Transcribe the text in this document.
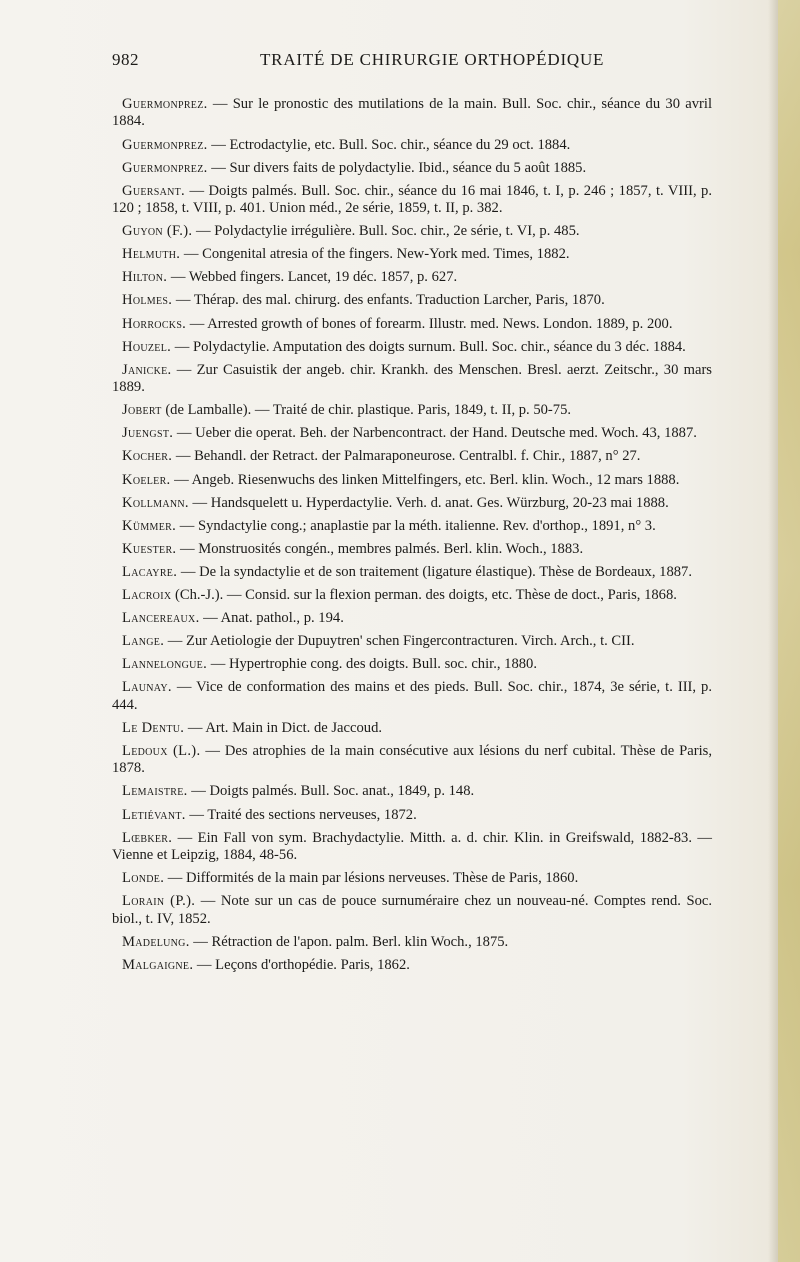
982	TRAITÉ DE CHIRURGIE ORTHOPÉDIQUE

Guermonprez. — Sur le pronostic des mutilations de la main. Bull. Soc. chir., séance du 30 avril 1884.

Guermonprez. — Ectrodactylie, etc. Bull. Soc. chir., séance du 29 oct. 1884.

Guermonprez. — Sur divers faits de polydactylie. Ibid., séance du 5 août 1885.

Guersant. — Doigts palmés. Bull. Soc. chir., séance du 16 mai 1846, t. I, p. 246 ; 1857, t. VIII, p. 120 ; 1858, t. VIII, p. 401. Union méd., 2e série, 1859, t. II, p. 382.

Guyon (F.). — Polydactylie irrégulière. Bull. Soc. chir., 2e série, t. VI, p. 485.

Helmuth. — Congenital atresia of the fingers. New-York med. Times, 1882.

Hilton. — Webbed fingers. Lancet, 19 déc. 1857, p. 627.

Holmes. — Thérap. des mal. chirurg. des enfants. Traduction Larcher, Paris, 1870.

Horrocks. — Arrested growth of bones of forearm. Illustr. med. News. London. 1889, p. 200.

Houzel. — Polydactylie. Amputation des doigts surnum. Bull. Soc. chir., séance du 3 déc. 1884.

Janicke. — Zur Casuistik der angeb. chir. Krankh. des Menschen. Bresl. aerzt. Zeitschr., 30 mars 1889.

Jobert (de Lamballe). — Traité de chir. plastique. Paris, 1849, t. II, p. 50-75.

Juengst. — Ueber die operat. Beh. der Narbencontract. der Hand. Deutsche med. Woch. 43, 1887.

Kocher. — Behandl. der Retract. der Palmaraponeurose. Centralbl. f. Chir., 1887, n° 27.

Koeler. — Angeb. Riesenwuchs des linken Mittelfingers, etc. Berl. klin. Woch., 12 mars 1888.

Kollmann. — Handsquelett u. Hyperdactylie. Verh. d. anat. Ges. Würzburg, 20-23 mai 1888.

Kümmer. — Syndactylie cong.; anaplastie par la méth. italienne. Rev. d'orthop., 1891, n° 3.

Kuester. — Monstruosités congén., membres palmés. Berl. klin. Woch., 1883.

Lacayre. — De la syndactylie et de son traitement (ligature élastique). Thèse de Bordeaux, 1887.

Lacroix (Ch.-J.). — Consid. sur la flexion perman. des doigts, etc. Thèse de doct., Paris, 1868.

Lancereaux. — Anat. pathol., p. 194.

Lange. — Zur Aetiologie der Dupuytren' schen Fingercontracturen. Virch. Arch., t. CII.

Lannelongue. — Hypertrophie cong. des doigts. Bull. soc. chir., 1880.

Launay. — Vice de conformation des mains et des pieds. Bull. Soc. chir., 1874, 3e série, t. III, p. 444.

Le Dentu. — Art. Main in Dict. de Jaccoud.

Ledoux (L.). — Des atrophies de la main consécutive aux lésions du nerf cubital. Thèse de Paris, 1878.

Lemaistre. — Doigts palmés. Bull. Soc. anat., 1849, p. 148.

Letiévant. — Traité des sections nerveuses, 1872.

Lœbker. — Ein Fall von sym. Brachydactylie. Mitth. a. d. chir. Klin. in Greifswald, 1882-83. — Vienne et Leipzig, 1884, 48-56.

Londe. — Difformités de la main par lésions nerveuses. Thèse de Paris, 1860.

Lorain (P.). — Note sur un cas de pouce surnuméraire chez un nouveau-né. Comptes rend. Soc. biol., t. IV, 1852.

Madelung. — Rétraction de l'apon. palm. Berl. klin Woch., 1875.

Malgaigne. — Leçons d'orthopédie. Paris, 1862.
